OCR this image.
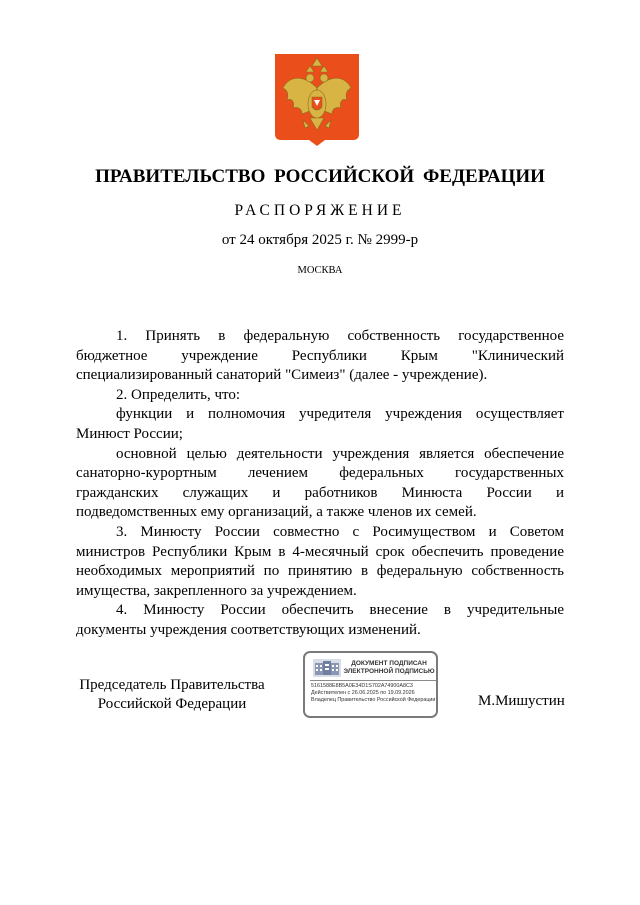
ПРАВИТЕЛЬСТВО РОССИЙСКОЙ ФЕДЕРАЦИИ
РАСПОРЯЖЕНИЕ
от 24 октября 2025 г. № 2999-р
МОСКВА

1. Принять в федеральную собственность государственное бюджетное учреждение Республики Крым "Клинический специализированный санаторий "Симеиз" (далее - учреждение).

2. Определить, что:

функции и полномочия учредителя учреждения осуществляет Минюст России;

основной целью деятельности учреждения является обеспечение санаторно-курортным лечением федеральных государственных гражданских служащих и работников Минюста России и подведомственных ему организаций, а также членов их семей.

3. Минюсту России совместно с Росимуществом и Советом министров Республики Крым в 4-месячный срок обеспечить проведение необходимых мероприятий по принятию в федеральную собственность имущества, закрепленного за учреждением.

4. Минюсту России обеспечить внесение в учредительные документы учреждения соответствующих изменений.

Председатель Правительства
Российской Федерации
ДОКУМЕНТ ПОДПИСАН
ЭЛЕКТРОННОЙ ПОДПИСЬЮ
5161588E8B5A0E34D1S702A74900A8C3
Действителен с 26.06.2025 по 19.09.2026
Владелец Правительство Российской Федерации	М.Мишустин
